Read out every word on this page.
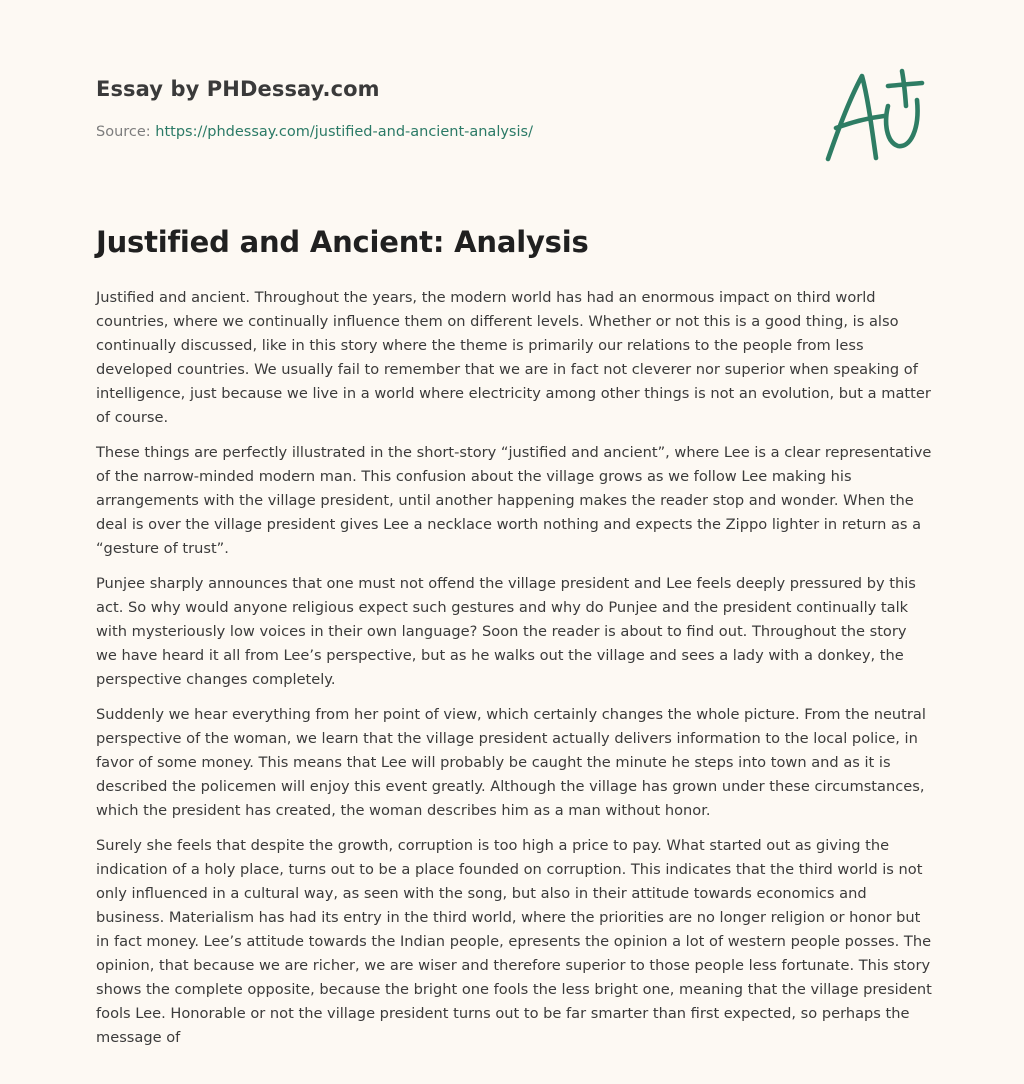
Essay by PHDessay.com
Source: https://phdessay.com/justified-and-ancient-analysis/
Justified and Ancient: Analysis

Justified and ancient. Throughout the years, the modern world has had an enormous impact on third world countries, where we continually influence them on different levels. Whether or not this is a good thing, is also continually discussed, like in this story where the theme is primarily our relations to the people from less developed countries. We usually fail to remember that we are in fact not cleverer nor superior when speaking of intelligence, just because we live in a world where electricity among other things is not an evolution, but a matter of course.

These things are perfectly illustrated in the short-story “justified and ancient”, where Lee is a clear representative of the narrow-minded modern man. This confusion about the village grows as we follow Lee making his arrangements with the village president, until another happening makes the reader stop and wonder. When the deal is over the village president gives Lee a necklace worth nothing and expects the Zippo lighter in return as a “gesture of trust”.

Punjee sharply announces that one must not offend the village president and Lee feels deeply pressured by this act. So why would anyone religious expect such gestures and why do Punjee and the president continually talk with mysteriously low voices in their own language? Soon the reader is about to find out. Throughout the story we have heard it all from Lee’s perspective, but as he walks out the village and sees a lady with a donkey, the perspective changes completely.

Suddenly we hear everything from her point of view, which certainly changes the whole picture. From the neutral perspective of the woman, we learn that the village president actually delivers information to the local police, in favor of some money. This means that Lee will probably be caught the minute he steps into town and as it is described the policemen will enjoy this event greatly. Although the village has grown under these circumstances, which the president has created, the woman describes him as a man without honor.

Surely she feels that despite the growth, corruption is too high a price to pay. What started out as giving the indication of a holy place, turns out to be a place founded on corruption. This indicates that the third world is not only influenced in a cultural way, as seen with the song, but also in their attitude towards economics and business. Materialism has had its entry in the third world, where the priorities are no longer religion or honor but in fact money. Lee’s attitude towards the Indian people, epresents the opinion a lot of western people posses. The opinion, that because we are richer, we are wiser and therefore superior to those people less fortunate. This story shows the complete opposite, because the bright one fools the less bright one, meaning that the village president fools Lee. Honorable or not the village president turns out to be far smarter than first expected, so perhaps the message of
